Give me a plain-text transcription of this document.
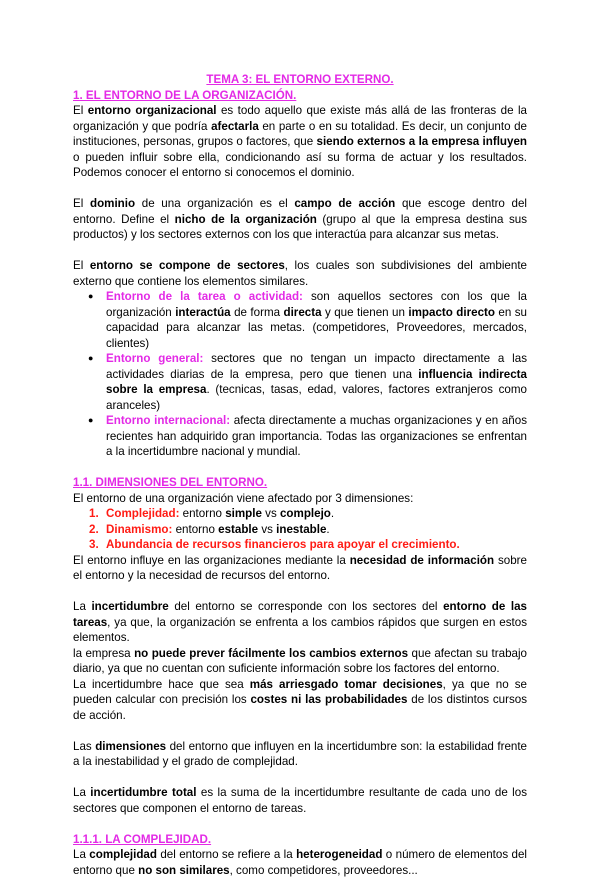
TEMA 3: EL ENTORNO EXTERNO.
1. EL ENTORNO DE LA ORGANIZACIÓN.

El entorno organizacional es todo aquello que existe más allá de las fronteras de la organización y que podría afectarla en parte o en su totalidad. Es decir, un conjunto de instituciones, personas, grupos o factores, que siendo externos a la empresa influyen o pueden influir sobre ella, condicionando así su forma de actuar y los resultados. Podemos conocer el entorno si conocemos el dominio.

El dominio de una organización es el campo de acción que escoge dentro del entorno. Define el nicho de la organización (grupo al que la empresa destina sus productos) y los sectores externos con los que interactúa para alcanzar sus metas.

El entorno se compone de sectores, los cuales son subdivisiones del ambiente externo que contiene los elementos similares.

● Entorno de la tarea o actividad: son aquellos sectores con los que la organización interactúa de forma directa y que tienen un impacto directo en su capacidad para alcanzar las metas. (competidores, Proveedores, mercados, clientes)
● Entorno general: sectores que no tengan un impacto directamente a las actividades diarias de la empresa, pero que tienen una influencia indirecta sobre la empresa. (tecnicas, tasas, edad, valores, factores extranjeros como aranceles)
● Entorno internacional: afecta directamente a muchas organizaciones y en años recientes han adquirido gran importancia. Todas las organizaciones se enfrentan a la incertidumbre nacional y mundial.
1.1. DIMENSIONES DEL ENTORNO.

El entorno de una organización viene afectado por 3 dimensiones:

1. Complejidad: entorno simple vs complejo.
2. Dinamismo: entorno estable vs inestable.
3. Abundancia de recursos financieros para apoyar el crecimiento.

El entorno influye en las organizaciones mediante la necesidad de información sobre el entorno y la necesidad de recursos del entorno.

La incertidumbre del entorno se corresponde con los sectores del entorno de las tareas, ya que, la organización se enfrenta a los cambios rápidos que surgen en estos elementos.

la empresa no puede prever fácilmente los cambios externos que afectan su trabajo diario, ya que no cuentan con suficiente información sobre los factores del entorno.

La incertidumbre hace que sea más arriesgado tomar decisiones, ya que no se pueden calcular con precisión los costes ni las probabilidades de los distintos cursos de acción.

Las dimensiones del entorno que influyen en la incertidumbre son: la estabilidad frente a la inestabilidad y el grado de complejidad.

La incertidumbre total es la suma de la incertidumbre resultante de cada uno de los sectores que componen el entorno de tareas.

1.1.1. LA COMPLEJIDAD.

La complejidad del entorno se refiere a la heterogeneidad o número de elementos del entorno que no son similares, como competidores, proveedores...
